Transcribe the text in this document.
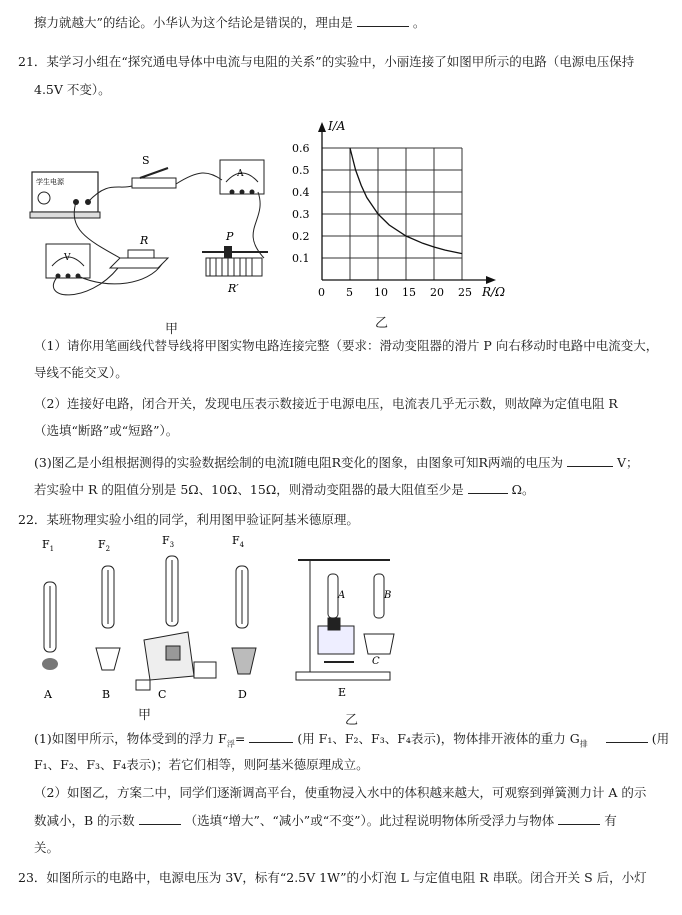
擦力就越大”的结论。小华认为这个结论是错误的，理由是	。
21．某学习小组在“探究通电导体中电流与电阻的关系”的实验中，小丽连接了如图甲所示的电路（电源电压保持
4.5V 不变）。
学生电源
S
A
V
R	P
R′
甲
0 5 10 15 20 25
0.1
0.2
0.3
0.4
0.5
0.6
I/A
R/Ω
乙
（1）请你用笔画线代替导线将甲图实物电路连接完整（要求：滑动变阻器的滑片 P 向右移动时电路中电流变大，
导线不能交叉）。
（2）连接好电路，闭合开关，发现电压表示数接近于电源电压，电流表几乎无示数，则故障为定值电阻 R
（选填“断路”或“短路”）。
(3)图乙是小组根据测得的实验数据绘制的电流I随电阻R变化的图象，由图象可知R两端的电压为	V；
若实验中 R 的阻值分别是 5Ω、10Ω、15Ω，则滑动变阻器的最大阻值至少是	Ω。
22．某班物理实验小组的同学，利用图甲验证阿基米德原理。
$F_1$	$F_2$
$F_3$	$F_4$
A	B
C
A	B	C	D	E
甲	乙
(1)如图甲所示，物体受到的浮力 $F_浮=$	(用 F₁、F₂、F₃、F₄表示)，物体排开液体的重力 $G_排$	(用
F₁、F₂、F₃、F₄表示)；若它们相等，则阿基米德原理成立。
（2）如图乙，方案二中，同学们逐渐调高平台，使重物浸入水中的体积越来越大，可观察到弹簧测力计 A 的示
数减小，B 的示数	（选填“增大”、“减小”或“不变”）。此过程说明物体所受浮力与物体	有
关。
23．如图所示的电路中，电源电压为 3V，标有“2.5V 1W”的小灯泡 L 与定值电阻 R 串联。闭合开关 S 后，小灯
